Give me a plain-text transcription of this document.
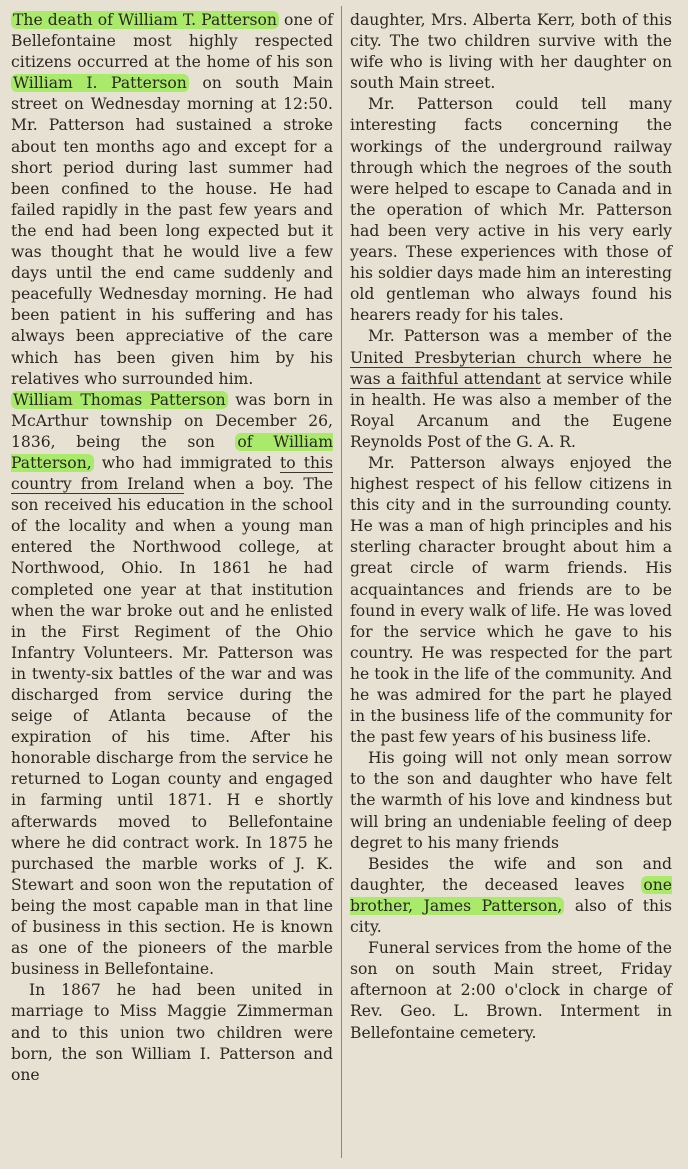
The death of William T. Patterson one of Bellefontaine most highly respected citizens occurred at the home of his son William I. Patterson on south Main street on Wednesday morning at 12:50. Mr. Patterson had sustained a stroke about ten months ago and except for a short period during last summer had been confined to the house. He had failed rapidly in the past few years and the end had been long expected but it was thought that he would live a few days until the end came suddenly and peacefully Wednesday morning. He had been patient in his suffering and has always been appreciative of the care which has been given him by his relatives who surrounded him.

William Thomas Patterson was born in McArthur township on December 26, 1836, being the son of William Patterson, who had immigrated to this country from Ireland when a boy. The son received his education in the school of the locality and when a young man entered the Northwood college, at Northwood, Ohio. In 1861 he had completed one year at that institution when the war broke out and he enlisted in the First Regiment of the Ohio Infantry Volunteers. Mr. Patterson was in twenty-six battles of the war and was discharged from service during the seige of Atlanta because of the expiration of his time. After his honorable discharge from the service he returned to Logan county and engaged in farming until 1871. H e shortly afterwards moved to Bellefontaine where he did contract work. In 1875 he purchased the marble works of J. K. Stewart and soon won the reputation of being the most capable man in that line of business in this section. He is known as one of the pioneers of the marble business in Bellefontaine.

In 1867 he had been united in marriage to Miss Maggie Zimmerman and to this union two children were born, the son William I. Patterson and one

daughter, Mrs. Alberta Kerr, both of this city. The two children survive with the wife who is living with her daughter on south Main street.

Mr. Patterson could tell many interesting facts concerning the workings of the underground railway through which the negroes of the south were helped to escape to Canada and in the operation of which Mr. Patterson had been very active in his very early years. These experiences with those of his soldier days made him an interesting old gentleman who always found his hearers ready for his tales.

Mr. Patterson was a member of the United Presbyterian church where he was a faithful attendant at service while in health. He was also a member of the Royal Arcanum and the Eugene Reynolds Post of the G. A. R.

Mr. Patterson always enjoyed the highest respect of his fellow citizens in this city and in the surrounding county. He was a man of high principles and his sterling character brought about him a great circle of warm friends. His acquaintances and friends are to be found in every walk of life. He was loved for the service which he gave to his country. He was respected for the part he took in the life of the community. And he was admired for the part he played in the business life of the community for the past few years of his business life.

His going will not only mean sorrow to the son and daughter who have felt the warmth of his love and kindness but will bring an undeniable feeling of deep degret to his many friends

Besides the wife and son and daughter, the deceased leaves one brother, James Patterson, also of this city.

Funeral services from the home of the son on south Main street, Friday afternoon at 2:00 o'clock in charge of Rev. Geo. L. Brown. Interment in Bellefontaine cemetery.
